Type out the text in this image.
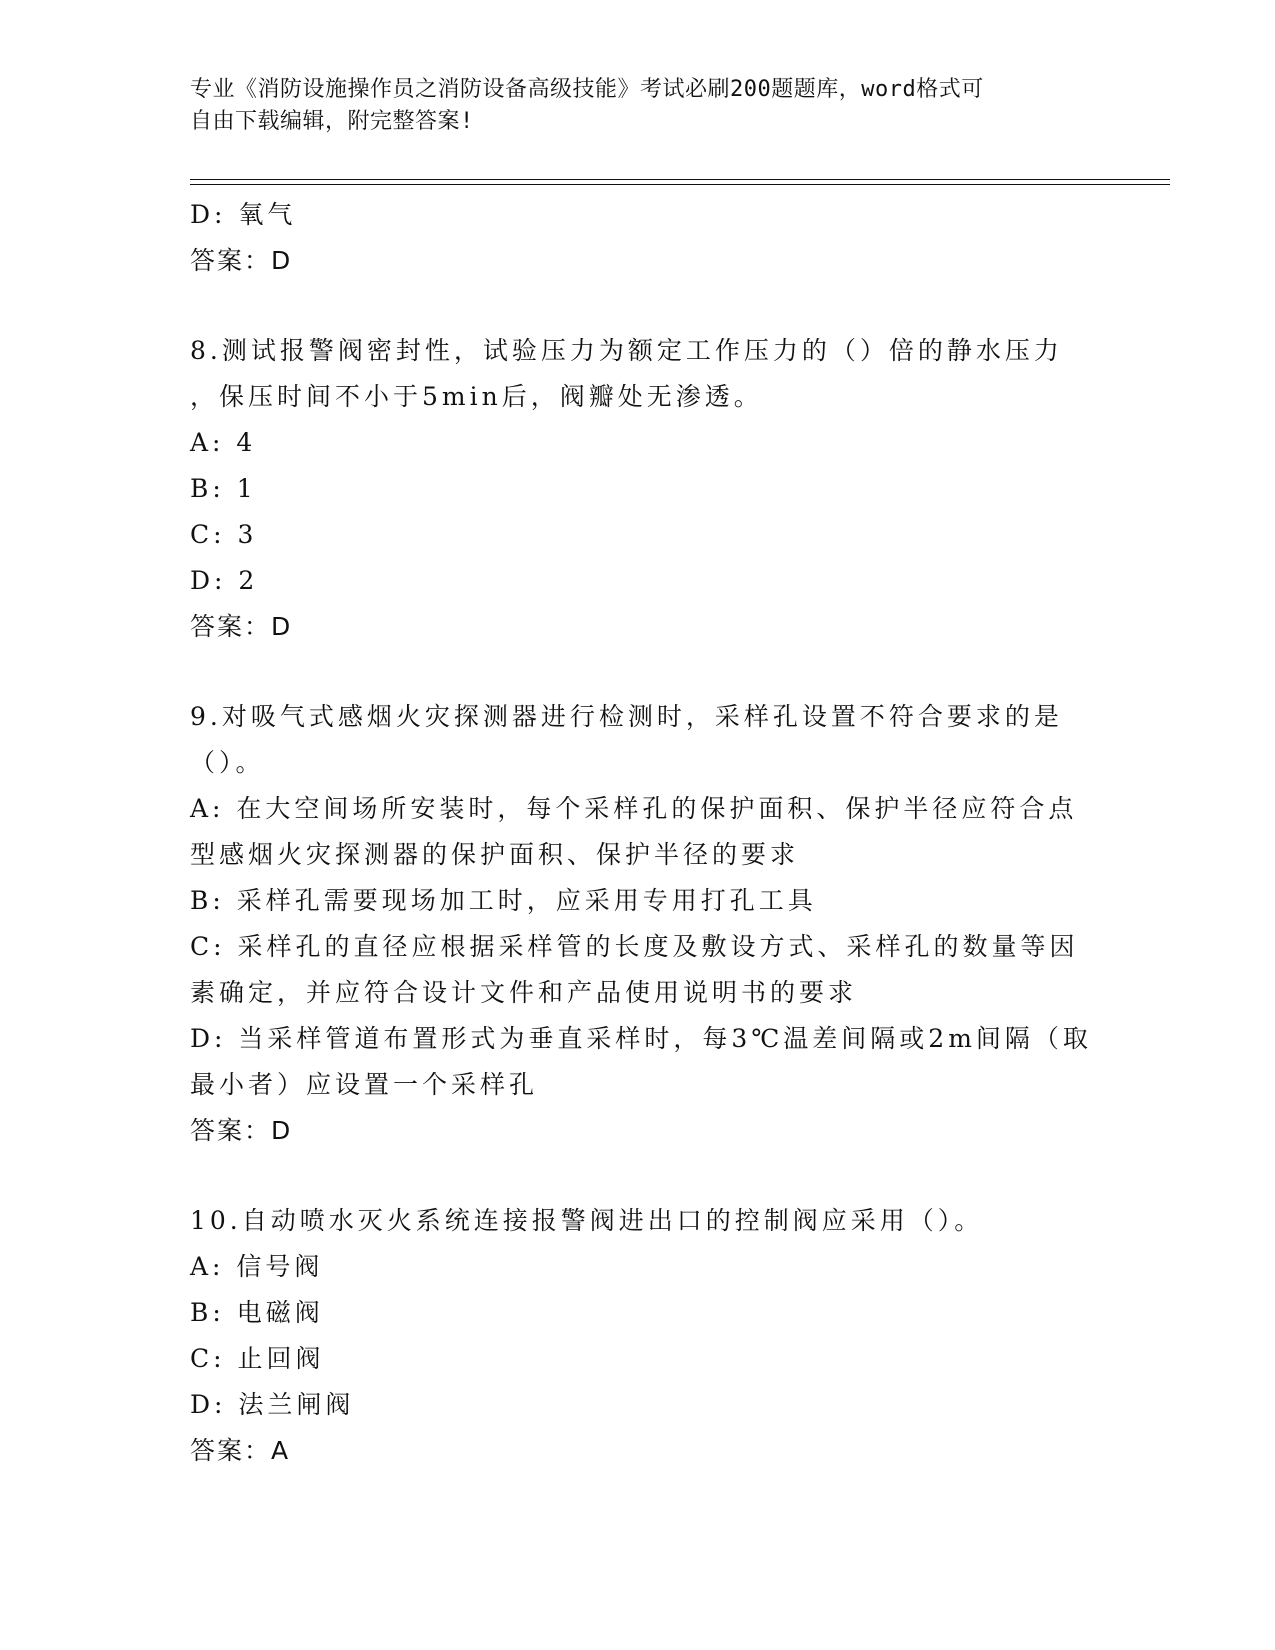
专业《消防设施操作员之消防设备高级技能》考试必刷200题题库，word格式可
自由下载编辑，附完整答案!
D: 氧气
答案：D
8.测试报警阀密封性，试验压力为额定工作压力的（）倍的静水压力
，保压时间不小于5min后，阀瓣处无渗透。
A: 4
B: 1
C: 3
D: 2
答案：D
9.对吸气式感烟火灾探测器进行检测时，采样孔设置不符合要求的是
（）。
A: 在大空间场所安装时，每个采样孔的保护面积、保护半径应符合点
型感烟火灾探测器的保护面积、保护半径的要求
B: 采样孔需要现场加工时，应采用专用打孔工具
C: 采样孔的直径应根据采样管的长度及敷设方式、采样孔的数量等因
素确定，并应符合设计文件和产品使用说明书的要求
D: 当采样管道布置形式为垂直采样时，每3℃温差间隔或2m间隔（取
最小者）应设置一个采样孔
答案：D
10.自动喷水灭火系统连接报警阀进出口的控制阀应采用（）。
A: 信号阀
B: 电磁阀
C: 止回阀
D: 法兰闸阀
答案：A
